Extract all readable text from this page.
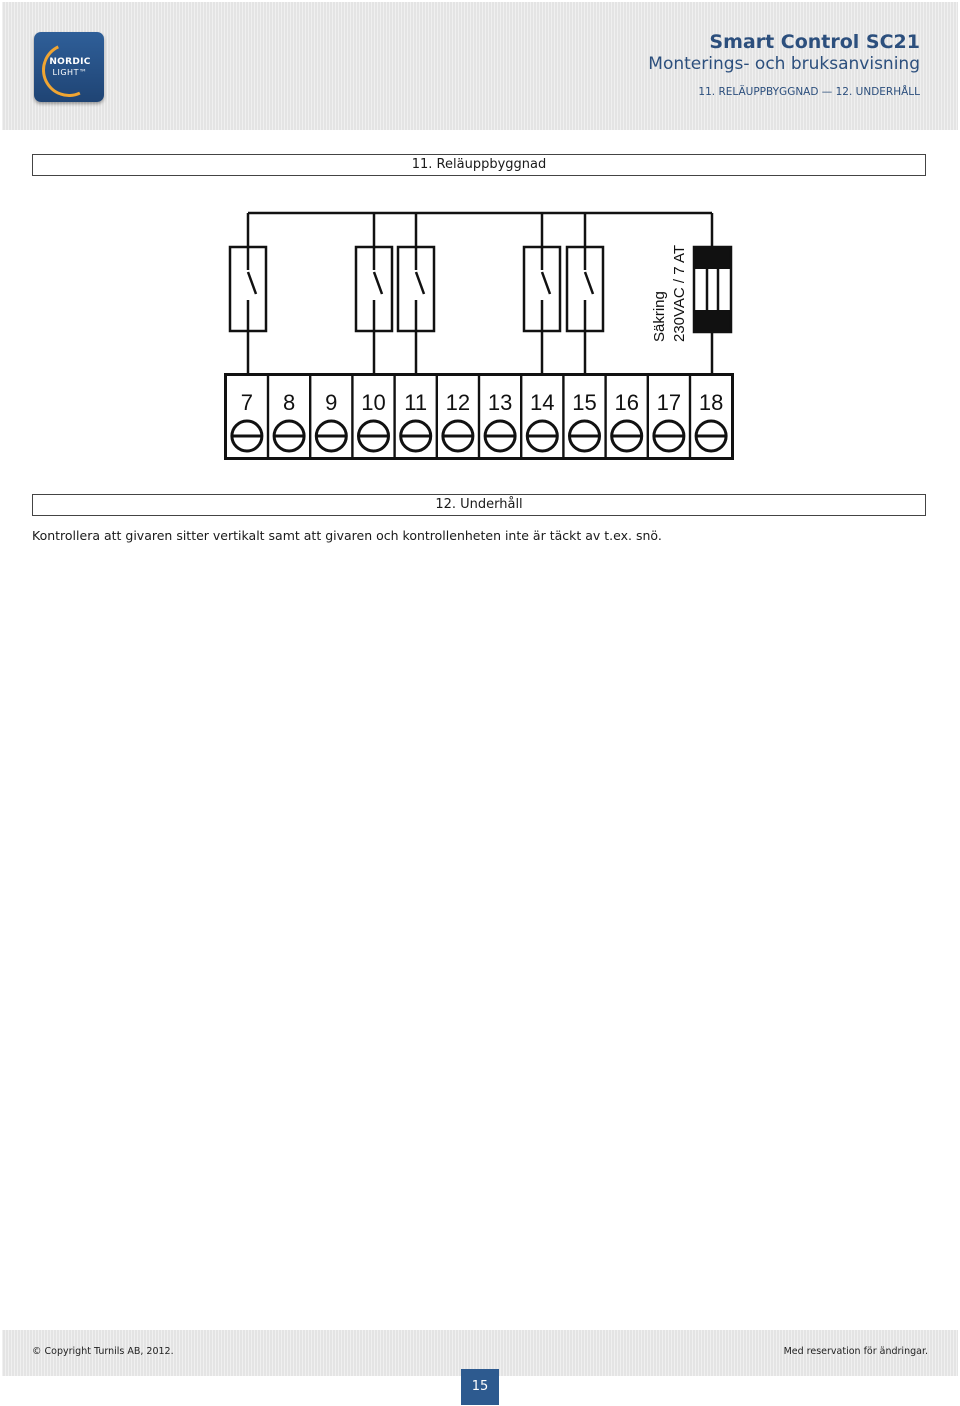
NORDIC
LIGHT™
Smart Control SC21
Monterings- och bruksanvisning
11. RELÄUPPBYGGNAD — 12. UNDERHÅLL
11. Reläuppbyggnad
Säkring 230VAC / 7 AT
7 8 9 10 11 12 13 14 15 16 17 18
12. Underhåll
Kontrollera att givaren sitter vertikalt samt att givaren och kontrollenheten inte är täckt av t.ex. snö.
© Copyright Turnils AB, 2012.	Med reservation för ändringar.
15
